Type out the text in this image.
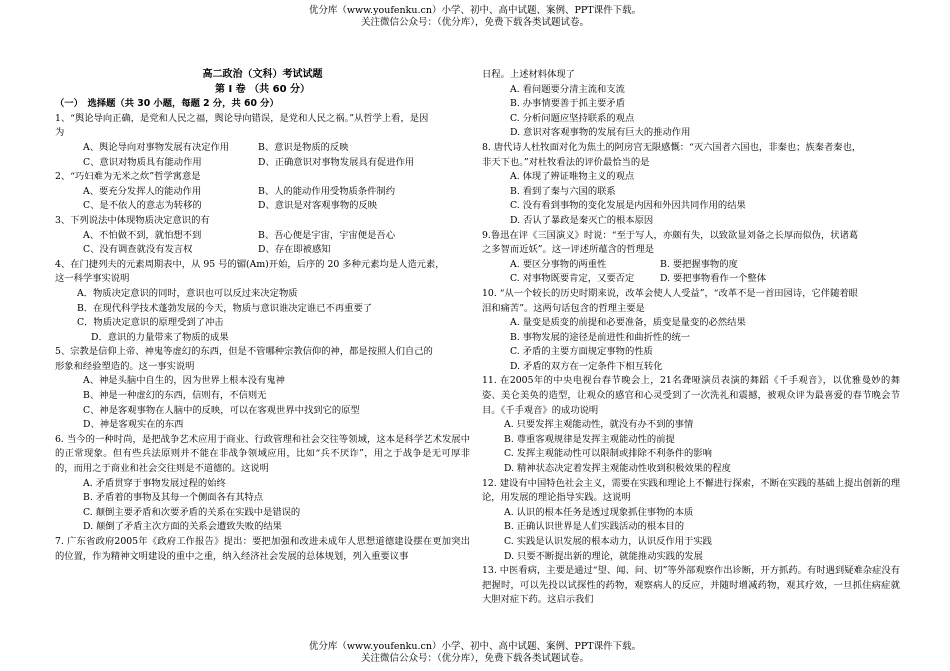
优分库（www.youfenku.cn）小学、初中、高中试题、案例、PPT课件下载。
关注微信公众号：（优分库），免费下载各类试题试卷。

高二政治（文科）考试试题

第 Ⅰ 卷 （共 60 分）

（一）　选择题（共 30 小题，每题 2 分，共 60 分）

1、“舆论导向正确，是党和人民之福，舆论导向错误，是党和人民之祸。”从哲学上看，是因

为

A、舆论导向对事物发展有决定作用	B、意识是物质的反映
C、意识对物质具有能动作用	D、正确意识对事物发展具有促进作用

2、“巧妇难为无米之炊”哲学寓意是

A、要充分发挥人的能动作用	B、人的能动作用受物质条件制约
C、是不依人的意志为转移的	D、意识是对客观事物的反映

3、下列说法中体现物质决定意识的有

A、不怕做不到，就怕想不到	B、吾心便是宇宙，宇宙便是吾心
C、没有调查就没有发言权	D、存在即被感知

4、在门捷列夫的元素周期表中，从 95 号的镅(Am)开始，后序的 20 多种元素均是人造元素，

这一科学事实说明

A．物质决定意识的同时，意识也可以反过来决定物质

B．在现代科学技术蓬勃发展的今天，物质与意识谁决定谁已不再重要了

C．物质决定意识的原理受到了冲击

D．意识的力量带来了物质的成果

5、宗教是信仰上帝、神鬼等虚幻的东西，但是不管哪种宗教信仰的神，都是按照人们自己的

形象和经验塑造的。这一事实说明

A、神是头脑中自生的，因为世界上根本没有鬼神

B、神是一种虚幻的东西，信则有，不信则无

C、神是客观事物在人脑中的反映，可以在客观世界中找到它的原型

D、神是客观实在的东西

6. 当今的一种时尚，是把战争艺术应用于商业、行政管理和社会交往等领域，这本是科学艺术发展中的正常现象。但有些兵法原则并不能在非战争领域应用，比如“兵不厌诈”，用之于战争是无可厚非的，而用之于商业和社会交往则是不道德的。这说明

A. 矛盾贯穿于事物发展过程的始终

B. 矛盾着的事物及其每一个侧面各有其特点

C. 颠倒主要矛盾和次要矛盾的关系在实践中是错误的

D. 颠倒了矛盾主次方面的关系会遭致失败的结果

7. 广东省政府2005年《政府工作报告》提出：要把加强和改进未成年人思想道德建设摆在更加突出的位置，作为精神文明建设的重中之重，纳入经济社会发展的总体规划，列入重要议事

日程。上述材料体现了

A. 看问题要分清主流和支流

B. 办事情要善于抓主要矛盾

C. 分析问题应坚持联系的观点

D. 意识对客观事物的发展有巨大的推动作用

8. 唐代诗人杜牧面对化为焦土的阿房宫无限感慨：“灭六国者六国也，非秦也；族秦者秦也，

非天下也。”对杜牧看法的评价最恰当的是

A. 体现了辨证唯物主义的观点

B. 看到了秦与六国的联系

C. 没有看到事物的变化发展是内因和外因共同作用的结果

D. 否认了暴政是秦灭亡的根本原因

9.鲁迅在评《三国演义》时说：“至于写人，亦颇有失，以致欲显刘备之长厚而似伪，状诸葛

之多智而近妖”。这一评述所蕴含的哲理是

A. 要区分事物的两重性	B. 要把握事物的度
C. 对事物既要肯定，又要否定	D. 要把事物看作一个整体

10. “从一个较长的历史时期来说，改革会使人人受益”，“改革不是一首田园诗，它伴随着眼

泪和痛苦”。这两句话包含的哲理主要是

A. 量变是质变的前提和必要准备，质变是量变的必然结果

B. 事物发展的途径是前进性和曲折性的统一

C. 矛盾的主要方面规定事物的性质

D. 矛盾的双方在一定条件下相互转化

11. 在2005年的中央电视台春节晚会上，21名聋哑演员表演的舞蹈《千手观音》，以优雅曼妙的舞姿、美仑美奂的造型，让观众的感官和心灵受到了一次洗礼和震撼，被观众评为最喜爱的春节晚会节目。《千手观音》的成功说明

A. 只要发挥主观能动性，就没有办不到的事情

B. 尊重客观规律是发挥主观能动性的前提

C. 发挥主观能动性可以限制或排除不利条件的影响

D. 精神状态决定着发挥主观能动性收到积极效果的程度

12. 建设有中国特色社会主义，需要在实践和理论上不懈进行探索，不断在实践的基础上提出创新的理论，用发展的理论指导实践。这说明

A. 认识的根本任务是透过现象抓住事物的本质

B. 正确认识世界是人们实践活动的根本目的

C. 实践是认识发展的根本动力，认识反作用于实践

D. 只要不断提出新的理论，就能推动实践的发展

13. 中医看病，主要是通过“望、闻、问、切”等外部观察作出诊断，开方抓药。有时遇到疑难杂症没有把握时，可以先投以试探性的药物，观察病人的反应，并随时增减药物，观其疗效，一旦抓住病症就大胆对症下药。这启示我们

优分库（www.youfenku.cn）小学、初中、高中试题、案例、PPT课件下载。
关注微信公众号：（优分库），免费下载各类试题试卷。
